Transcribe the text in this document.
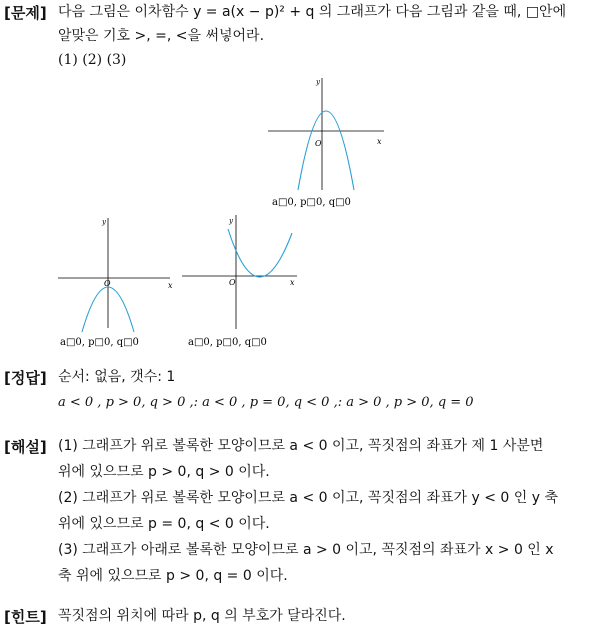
[문제] 다음 그림은 이차함수 y = a(x − p)² + q 의 그래프가 다음 그림과 같을 때, □안에
알맞은 기호 >, =, <을 써넣어라.
(1) (2) (3)
y
x
O
a□0, p□0, q□0
y
x
O
a□0, p□0, q□0
y
x
O
a□0, p□0, q□0
[정답] 순서: 없음, 갯수: 1
a < 0 , p > 0, q > 0 ,: a < 0 , p = 0, q < 0 ,: a > 0 , p > 0, q = 0
[해설] (1) 그래프가 위로 볼록한 모양이므로 a < 0 이고, 꼭짓점의 좌표가 제 1 사분면
위에 있으므로 p > 0, q > 0 이다.
(2) 그래프가 위로 볼록한 모양이므로 a < 0 이고, 꼭짓점의 좌표가 y < 0 인 y 축
위에 있으므로 p = 0, q < 0 이다.
(3) 그래프가 아래로 볼록한 모양이므로 a > 0 이고, 꼭짓점의 좌표가 x > 0 인 x
축 위에 있으므로 p > 0, q = 0 이다.
[힌트] 꼭짓점의 위치에 따라 p, q 의 부호가 달라진다.
